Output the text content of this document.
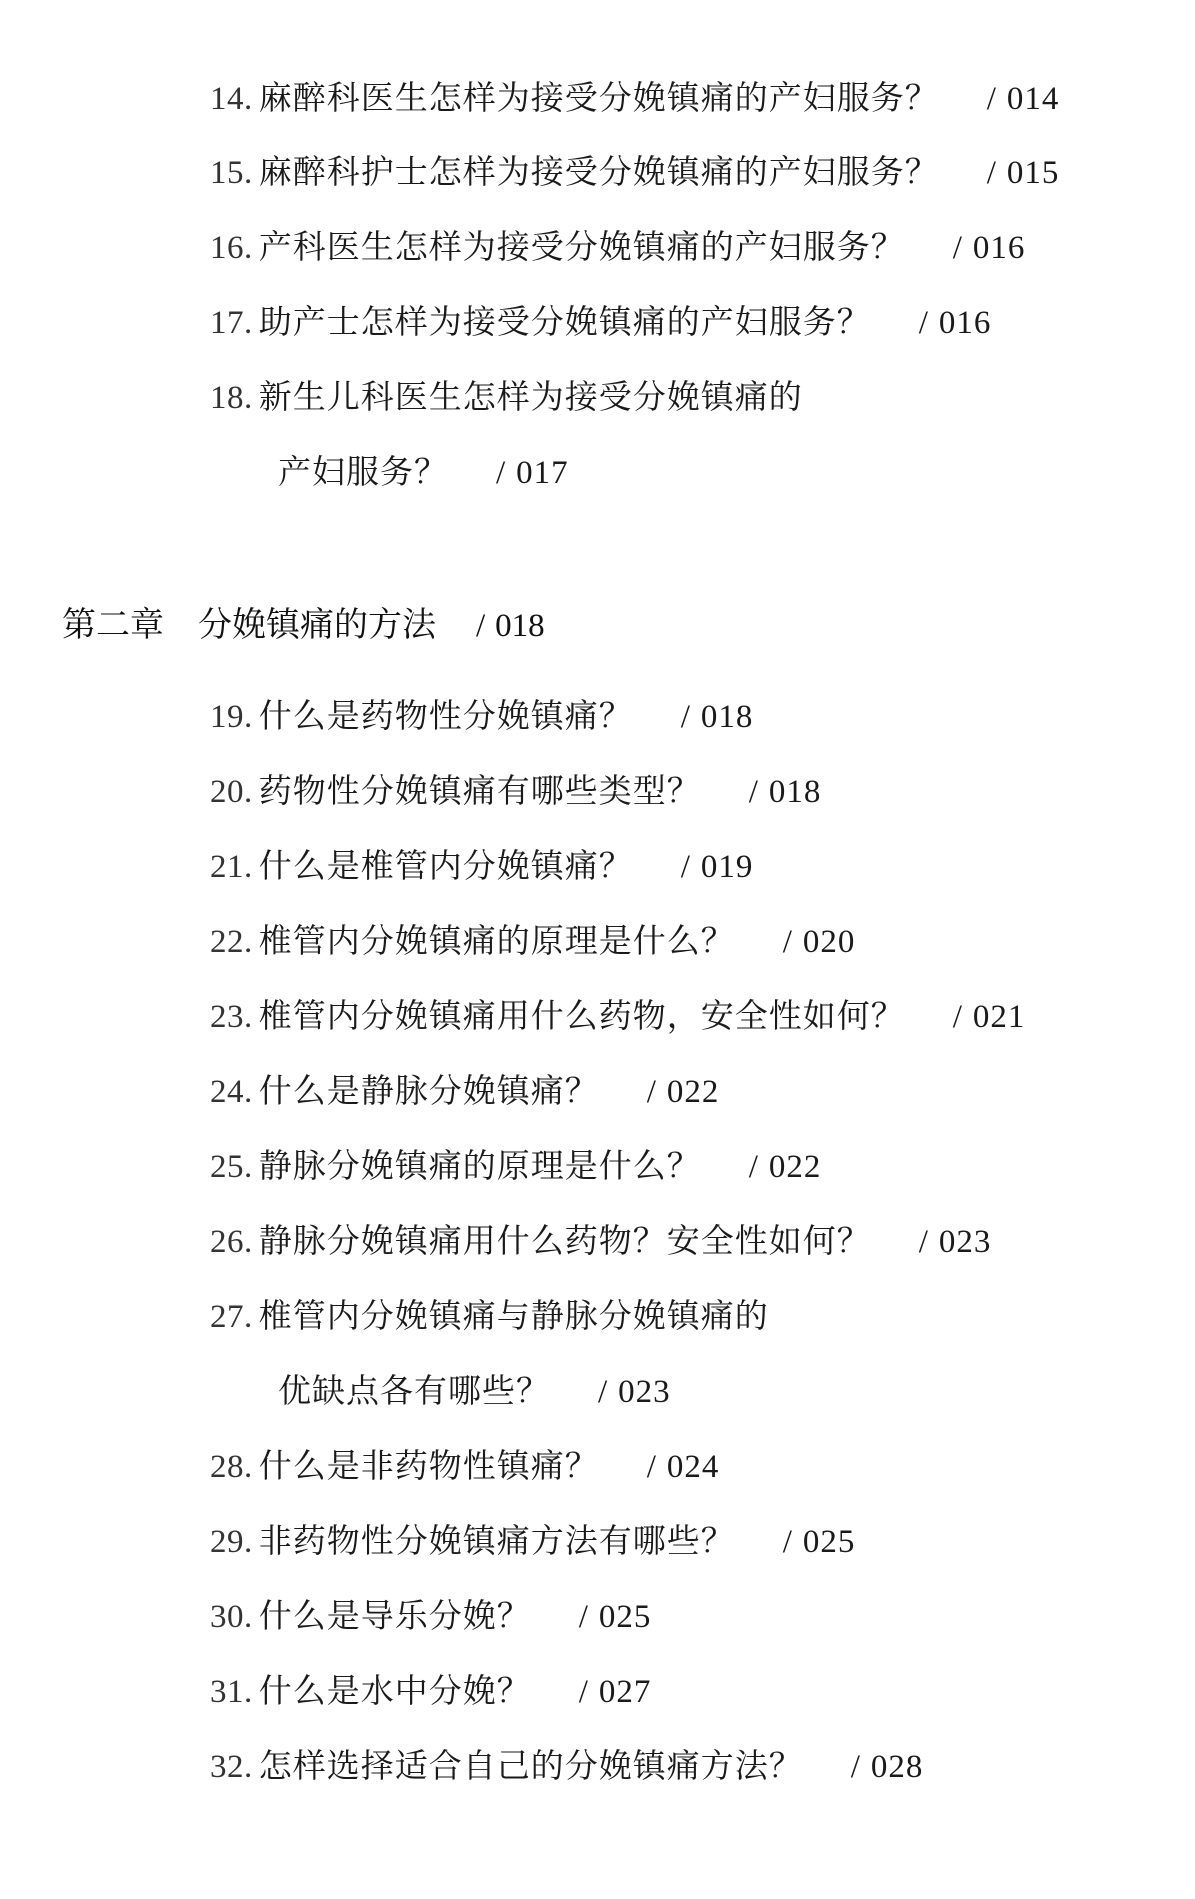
14. 麻醉科医生怎样为接受分娩镇痛的产妇服务？ / 014
15. 麻醉科护士怎样为接受分娩镇痛的产妇服务？ / 015
16. 产科医生怎样为接受分娩镇痛的产妇服务？ / 016
17. 助产士怎样为接受分娩镇痛的产妇服务？ / 016
18. 新生儿科医生怎样为接受分娩镇痛的
产妇服务？ / 017
第二章 分娩镇痛的方法 / 018
19. 什么是药物性分娩镇痛？ / 018
20. 药物性分娩镇痛有哪些类型？ / 018
21. 什么是椎管内分娩镇痛？ / 019
22. 椎管内分娩镇痛的原理是什么？ / 020
23. 椎管内分娩镇痛用什么药物，安全性如何？ / 021
24. 什么是静脉分娩镇痛？ / 022
25. 静脉分娩镇痛的原理是什么？ / 022
26. 静脉分娩镇痛用什么药物？安全性如何？ / 023
27. 椎管内分娩镇痛与静脉分娩镇痛的
优缺点各有哪些？ / 023
28. 什么是非药物性镇痛？ / 024
29. 非药物性分娩镇痛方法有哪些？ / 025
30. 什么是导乐分娩？ / 025
31. 什么是水中分娩？ / 027
32. 怎样选择适合自己的分娩镇痛方法？ / 028
